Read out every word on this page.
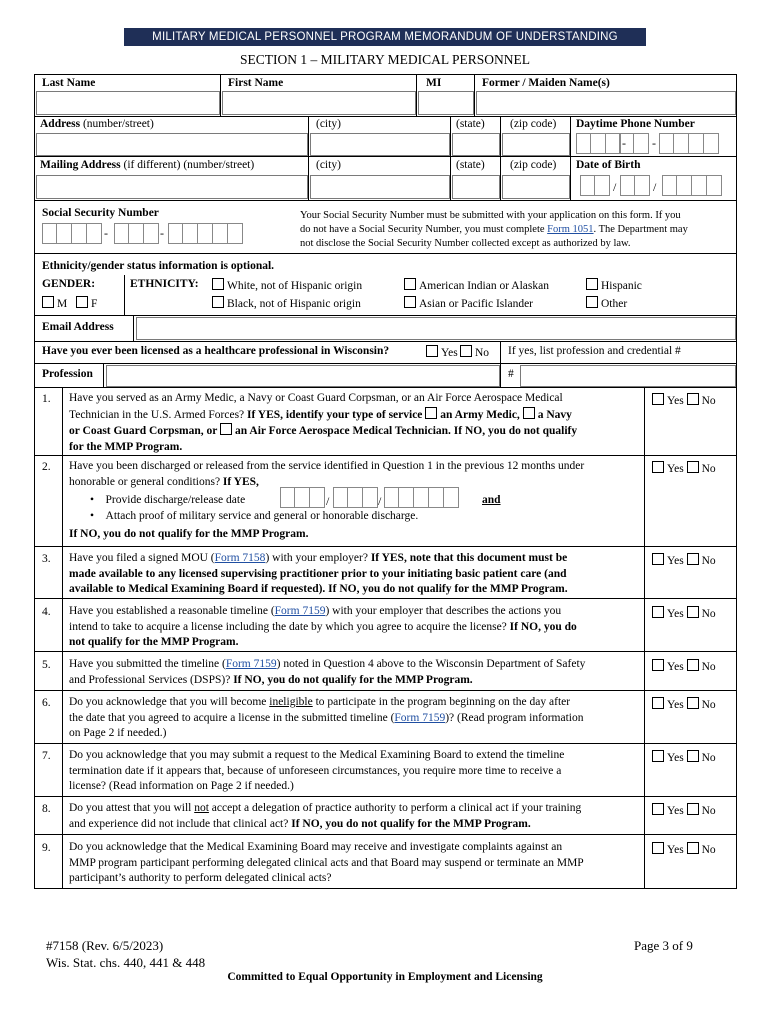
MILITARY MEDICAL PERSONNEL PROGRAM MEMORANDUM OF UNDERSTANDING
SECTION 1 – MILITARY MEDICAL PERSONNEL
Last Name	First Name	MI	Former / Maiden Name(s)
Address (number/street)	(city)	(state) (zip code) Daytime Phone Number
- -
Mailing Address (if different) (number/street)	(city)	(state) (zip code) Date of Birth
/	/
Social Security Number
-	-
Your Social Security Number must be submitted with your application on this form. If you
do not have a Social Security Number, you must complete Form 1051. The Department may
not disclose the Social Security Number collected except as authorized by law.
Ethnicity/gender status information is optional.
GENDER:
M	F
ETHNICITY:	White, not of Hispanic origin
Black, not of Hispanic origin
American Indian or Alaskan
Asian or Pacific Islander
Hispanic
Other
Email Address
Have you ever been licensed as a healthcare professional in Wisconsin?	Yes	No If yes, list profession and credential #
Profession	#
1. Have you served as an Army Medic, a Navy or Coast Guard Corpsman, or an Air Force Aerospace Medical
Technician in the U.S. Armed Forces? If YES, identify your type of service an Army Medic, a Navy
or Coast Guard Corpsman, or an Air Force Aerospace Medical Technician. If NO, you do not qualify
for the MMP Program.
Yes No
2. Have you been discharged or released from the service identified in Question 1 in the previous 12 months under
honorable or general conditions? If YES,
•    Provide discharge/release date	/	/	and
•    Attach proof of military service and general or honorable discharge.
If NO, you do not qualify for the MMP Program.
Yes No
3. Have you filed a signed MOU (Form 7158) with your employer? If YES, note that this document must be
made available to any licensed supervising practitioner prior to your initiating basic patient care (and
available to Medical Examining Board if requested). If NO, you do not qualify for the MMP Program.
Yes No
4. Have you established a reasonable timeline (Form 7159) with your employer that describes the actions you
intend to take to acquire a license including the date by which you agree to acquire the license? If NO, you do
not qualify for the MMP Program.
Yes No
5. Have you submitted the timeline (Form 7159) noted in Question 4 above to the Wisconsin Department of Safety
and Professional Services (DSPS)? If NO, you do not qualify for the MMP Program.
Yes No
6. Do you acknowledge that you will become ineligible to participate in the program beginning on the day after
the date that you agreed to acquire a license in the submitted timeline (Form 7159)? (Read program information
on Page 2 if needed.)
Yes No
7. Do you acknowledge that you may submit a request to the Medical Examining Board to extend the timeline
termination date if it appears that, because of unforeseen circumstances, you require more time to receive a
license? (Read information on Page 2 if needed.)
Yes No
8. Do you attest that you will not accept a delegation of practice authority to perform a clinical act if your training
and experience did not include that clinical act? If NO, you do not qualify for the MMP Program.
Yes No
9. Do you acknowledge that the Medical Examining Board may receive and investigate complaints against an
MMP program participant performing delegated clinical acts and that Board may suspend or terminate an MMP
participant’s authority to perform delegated clinical acts?
Yes No
#7158 (Rev. 6/5/2023)
Wis. Stat. chs. 440, 441 & 448
Page 3 of 9
Committed to Equal Opportunity in Employment and Licensing
